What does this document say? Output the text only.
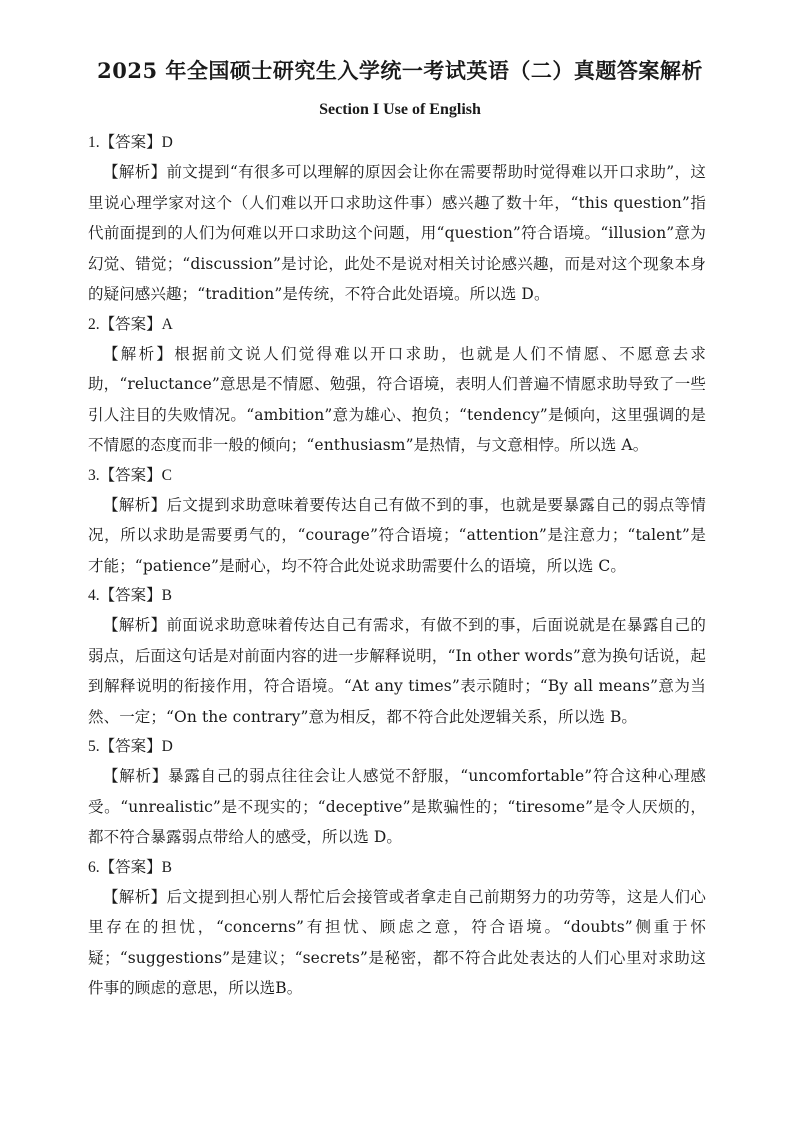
2025 年全国硕士研究生入学统一考试英语（二）真题答案解析
Section I Use of English
1.【答案】D

【解析】前文提到“有很多可以理解的原因会让你在需要帮助时觉得难以开口求助”，这里说心理学家对这个（人们难以开口求助这件事）感兴趣了数十年，“this question”指代前面提到的人们为何难以开口求助这个问题，用“question”符合语境。“illusion”意为幻觉、错觉；“discussion”是讨论，此处不是说对相关讨论感兴趣，而是对这个现象本身的疑问感兴趣；“tradition”是传统，不符合此处语境。所以选 D。

2.【答案】A

【解析】根据前文说人们觉得难以开口求助，也就是人们不情愿、不愿意去求助，“reluctance”意思是不情愿、勉强，符合语境，表明人们普遍不情愿求助导致了一些引人注目的失败情况。“ambition”意为雄心、抱负；“tendency”是倾向，这里强调的是不情愿的态度而非一般的倾向；“enthusiasm”是热情，与文意相悖。所以选 A。

3.【答案】C

【解析】后文提到求助意味着要传达自己有做不到的事，也就是要暴露自己的弱点等情况，所以求助是需要勇气的，“courage”符合语境；“attention”是注意力；“talent”是才能；“patience”是耐心，均不符合此处说求助需要什么的语境，所以选 C。

4.【答案】B

【解析】前面说求助意味着传达自己有需求，有做不到的事，后面说就是在暴露自己的弱点，后面这句话是对前面内容的进一步解释说明，“In other words”意为换句话说，起到解释说明的衔接作用，符合语境。“At any times”表示随时；“By all means”意为当然、一定；“On the contrary”意为相反，都不符合此处逻辑关系，所以选 B。

5.【答案】D

【解析】暴露自己的弱点往往会让人感觉不舒服，“uncomfortable”符合这种心理感受。“unrealistic”是不现实的；“deceptive”是欺骗性的；“tiresome”是令人厌烦的，都不符合暴露弱点带给人的感受，所以选 D。

6.【答案】B

【解析】后文提到担心别人帮忙后会接管或者拿走自己前期努力的功劳等，这是人们心里存在的担忧，“concerns”有担忧、顾虑之意，符合语境。“doubts”侧重于怀疑；“suggestions”是建议；“secrets”是秘密，都不符合此处表达的人们心里对求助这件事的顾虑的意思，所以选B。
